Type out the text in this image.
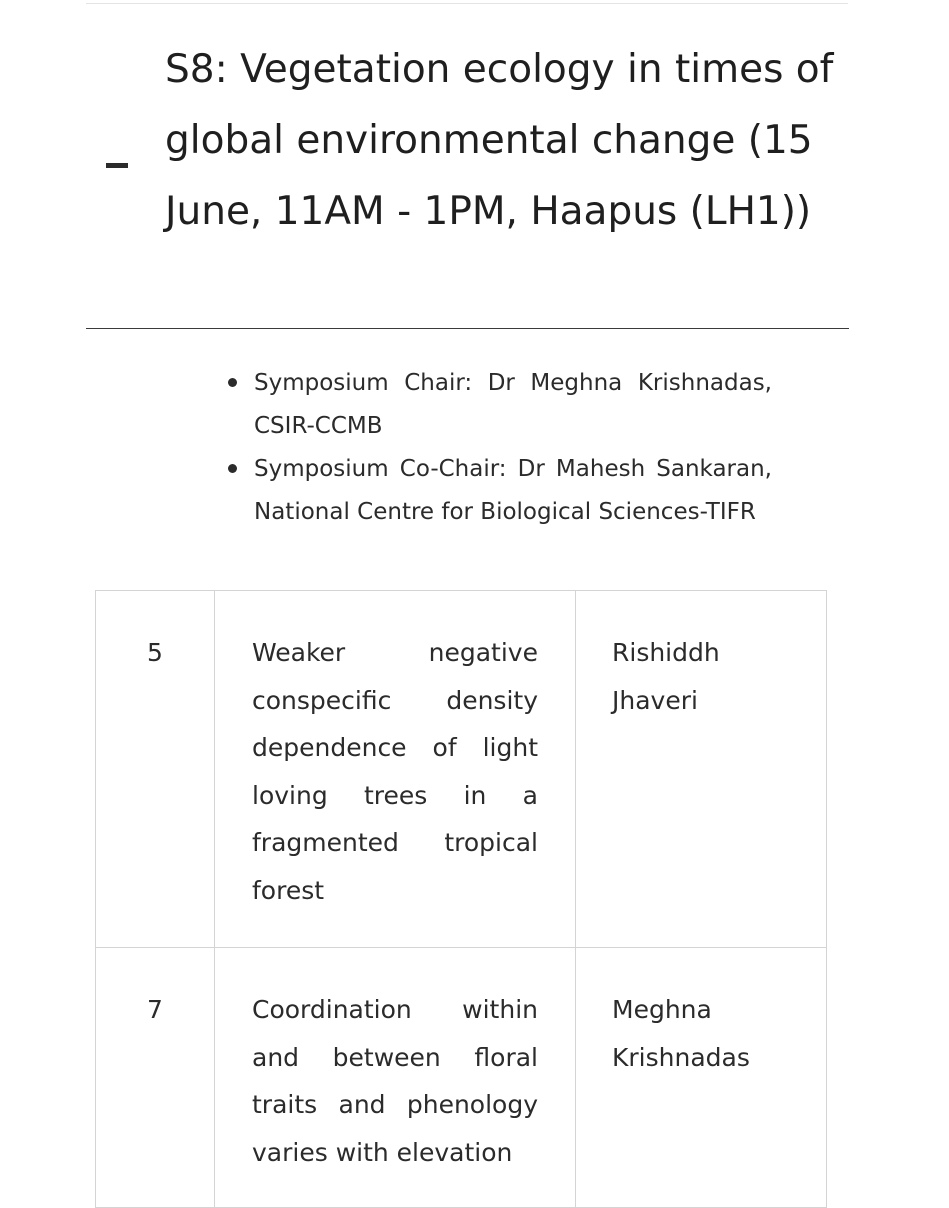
S8: Vegetation ecology in times of global environmental change (15 June, 11AM - 1PM, Haapus (LH1))
Symposium Chair: Dr Meghna Krishnadas, CSIR-CCMB
Symposium Co-Chair: Dr Mahesh Sankaran, National Centre for Biological Sciences-TIFR
5	Weaker negative conspecific density dependence of light loving trees in a fragmented tropical forest	Rishiddh Jhaveri
7	Coordination within and between floral traits and phenology varies with elevation	Meghna Krishnadas
